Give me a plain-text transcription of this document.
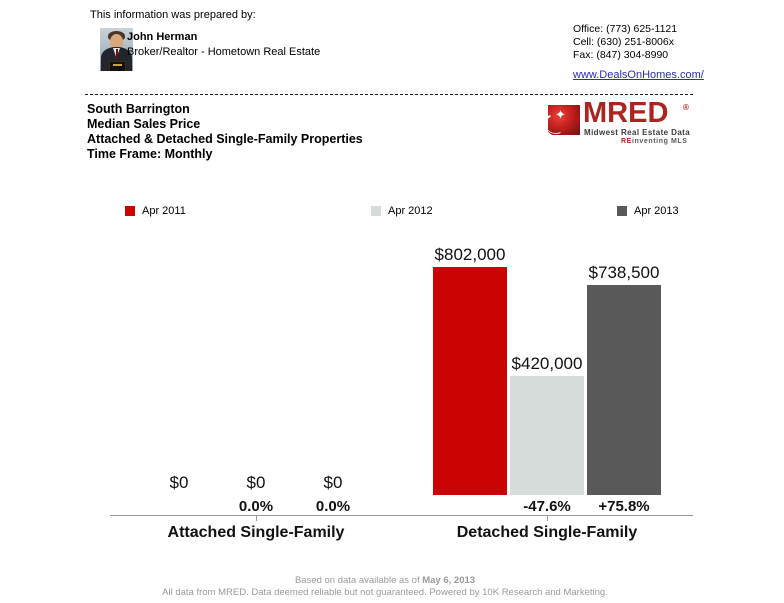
This information was prepared by:
John Herman
Broker/Realtor - Hometown Real Estate
Office: (773) 625-1121
Cell: (630) 251-8006x
Fax: (847) 304-8990
www.DealsOnHomes.com/
South Barrington
Median Sales Price
Attached & Detached Single-Family Properties
Time Frame: Monthly
✦ MRED ®
Midwest Real Estate Data
REinventing MLS
Apr 2011	Apr 2012	Apr 2013
$0	$0
0.0%
$0
0.0%
Attached Single-Family
$802,000
$420,000
-47.6%
$738,500
+75.8%
Detached Single-Family
Based on data available as of May 6, 2013
All data from MRED. Data deemed reliable but not guaranteed. Powered by 10K Research and Marketing.
